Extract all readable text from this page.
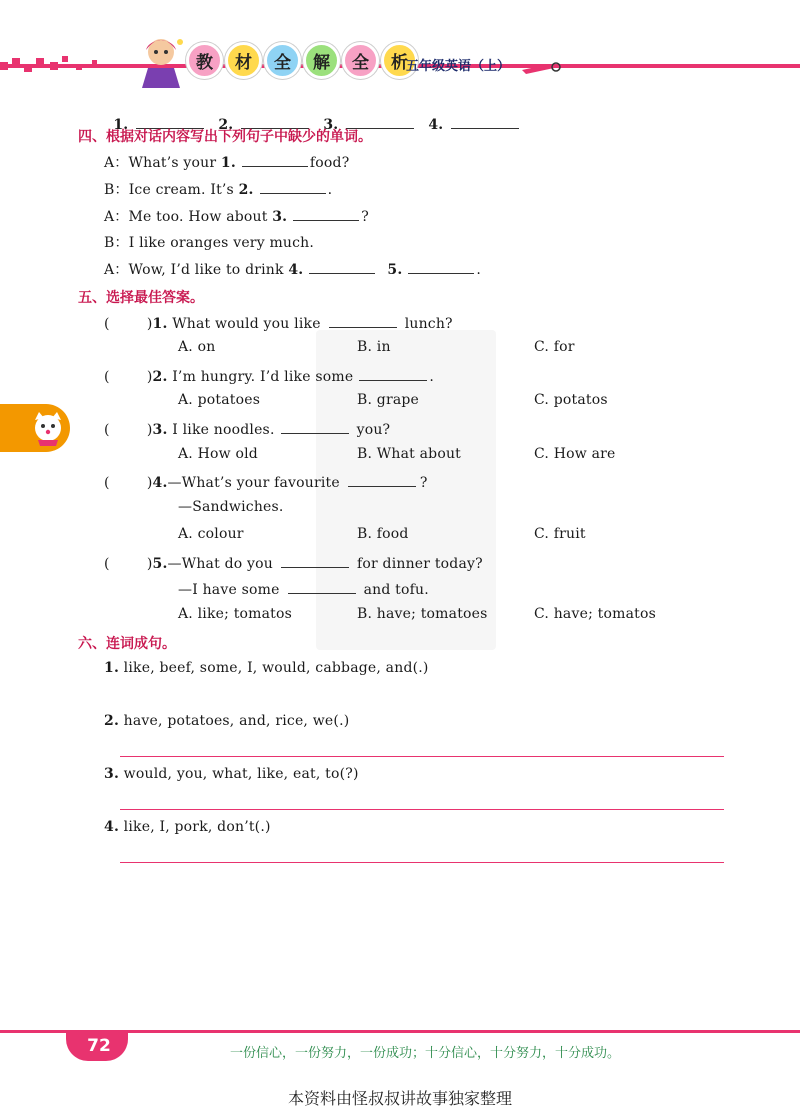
教	材	全	解	全	析
五年级英语（上）

1.	2.	3.	4.

四、根据对话内容写出下列句子中缺少的单词。
A：What’s your 1.	food?
B：Ice cream. It’s 2.	.
A：Me too. How about 3.	?
B：I like oranges very much.
A：Wow, I’d like to drink 4.	5.	.
五、选择最佳答案。
(        )1. What would you like	lunch?
A. on	B. in	C. for
(        )2. I’m hungry. I’d like some	.
A. potatoes	B. grape	C. potatos
(        )3. I like noodles.	you?
A. How old	B. What about	C. How are
(        )4.—What’s your favourite	?
—Sandwiches.
A. colour	B. food	C. fruit
(        )5.—What do you	for dinner today?
—I have some	and tofu.
A. like; tomatos	B. have; tomatoes	C. have; tomatos
六、连词成句。
1. like, beef, some, I, would, cabbage, and(.)
2. have, potatoes, and, rice, we(.)
3. would, you, what, like, eat, to(?)
4. like, I, pork, don’t(.)
72	一份信心，一份努力，一份成功；十分信心，十分努力，十分成功。
本资料由怪叔叔讲故事独家整理
